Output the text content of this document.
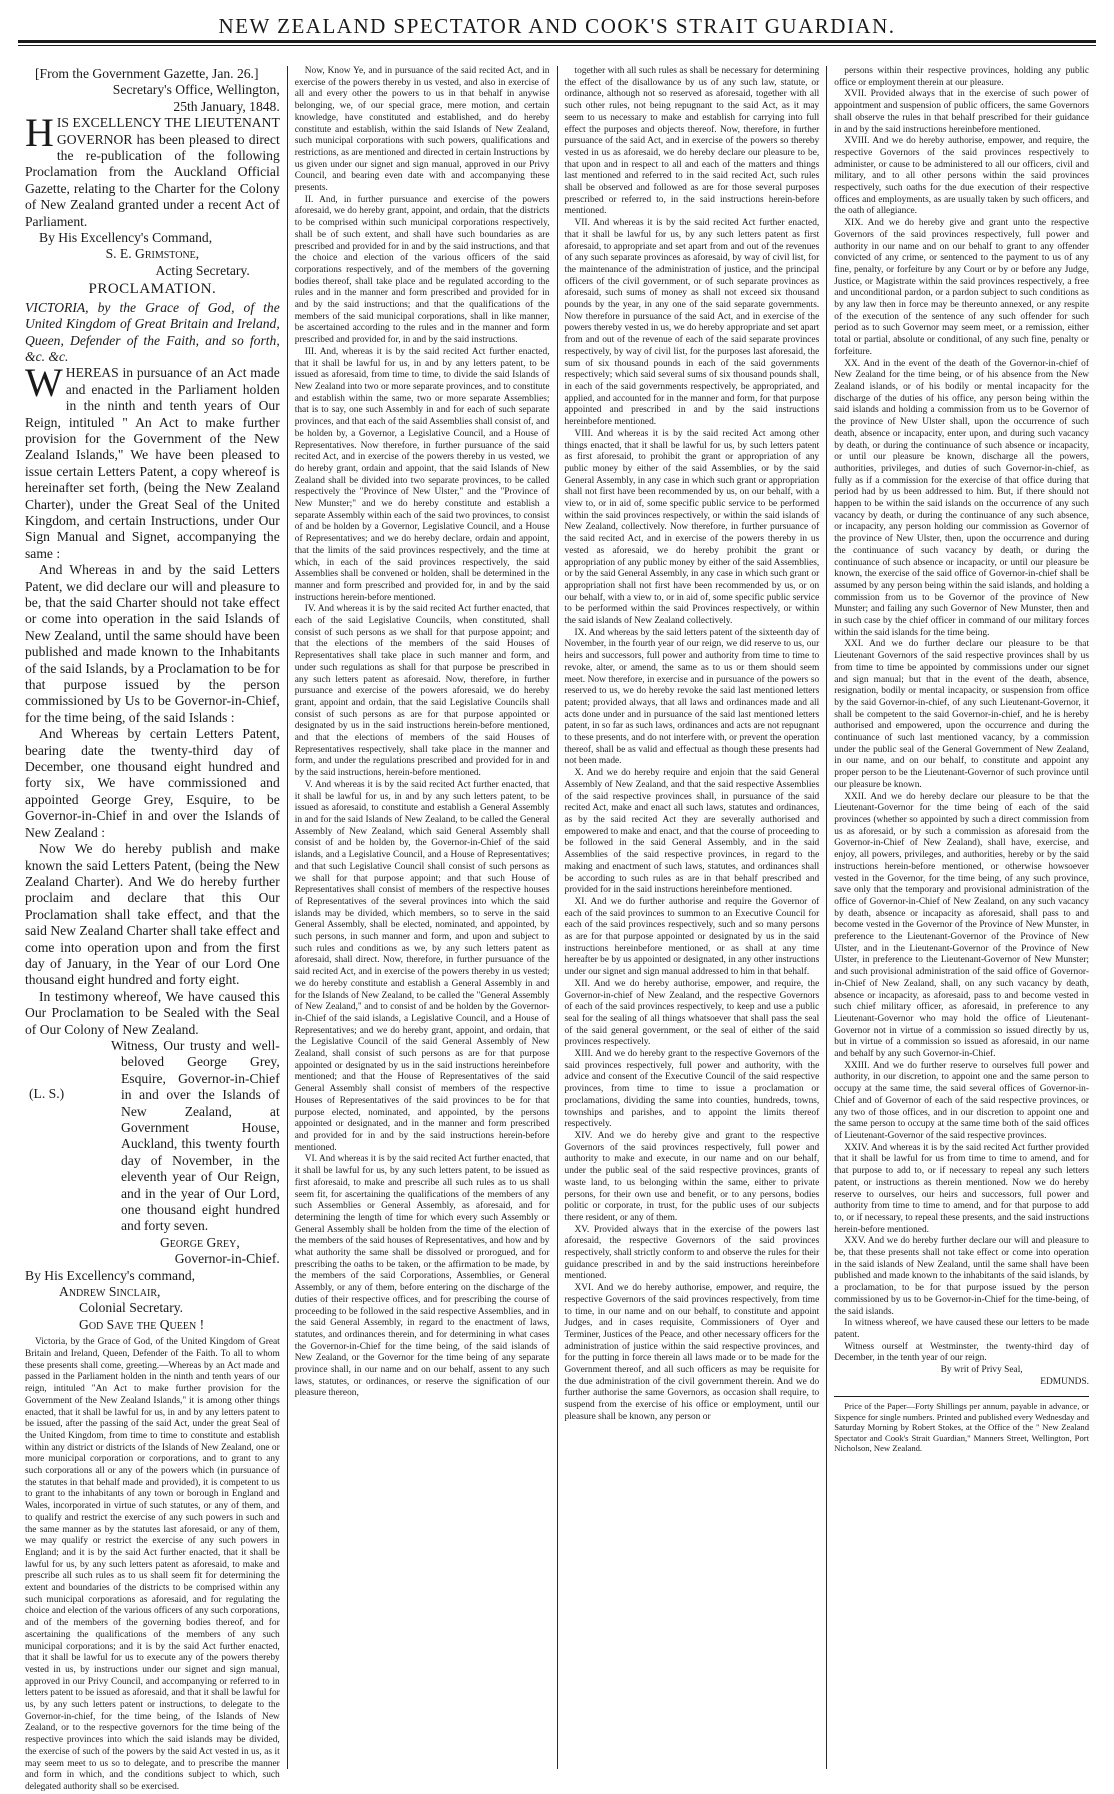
NEW ZEALAND SPECTATOR AND COOK'S STRAIT GUARDIAN.

[From the Government Gazette, Jan. 26.]

Secretary's Office, Wellington,

25th January, 1848.

HIS EXCELLENCY THE LIEUTENANT GOVERNOR has been pleased to direct the re-publication of the following Proclamation from the Auckland Official Gazette, relating to the Charter for the Colony of New Zealand granted under a recent Act of Parliament.

By His Excellency's Command,

S. E. Grimstone,

Acting Secretary.

PROCLAMATION.

VICTORIA, by the Grace of God, of the United Kingdom of Great Britain and Ireland, Queen, Defender of the Faith, and so forth, &c. &c.

WHEREAS in pursuance of an Act made and enacted in the Parliament holden in the ninth and tenth years of Our Reign, intituled " An Act to make further provision for the Government of the New Zealand Islands," We have been pleased to issue certain Letters Patent, a copy whereof is hereinafter set forth, (being the New Zealand Charter), under the Great Seal of the United Kingdom, and certain Instructions, under Our Sign Manual and Signet, accompanying the same :

And Whereas in and by the said Letters Patent, we did declare our will and pleasure to be, that the said Charter should not take effect or come into operation in the said Islands of New Zealand, until the same should have been published and made known to the Inhabitants of the said Islands, by a Proclamation to be for that purpose issued by the person commissioned by Us to be Governor-in-Chief, for the time being, of the said Islands :

And Whereas by certain Letters Patent, bearing date the twenty-third day of December, one thousand eight hundred and forty six, We have commissioned and appointed George Grey, Esquire, to be Governor-in-Chief in and over the Islands of New Zealand :

Now We do hereby publish and make known the said Letters Patent, (being the New Zealand Charter). And We do hereby further proclaim and declare that this Our Proclamation shall take effect, and that the said New Zealand Charter shall take effect and come into operation upon and from the first day of January, in the Year of our Lord One thousand eight hundred and forty eight.

In testimony whereof, We have caused this Our Proclamation to be Sealed with the Seal of Our Colony of New Zealand.

(L. S.)
Witness, Our trusty and well-beloved George Grey, Esquire, Governor-in-Chief in and over the Islands of New Zealand, at Government House, Auckland, this twenty fourth day of November, in the eleventh year of Our Reign, and in the year of Our Lord, one thousand eight hundred and forty seven.

George Grey,

Governor-in-Chief.

By His Excellency's command,

Andrew Sinclair,

Colonial Secretary.

God Save the Queen !

Victoria, by the Grace of God, of the United Kingdom of Great Britain and Ireland, Queen, Defender of the Faith. To all to whom these presents shall come, greeting.—Whereas by an Act made and passed in the Parliament holden in the ninth and tenth years of our reign, intituled "An Act to make further provision for the Government of the New Zealand Islands," it is among other things enacted, that it shall be lawful for us, in and by any letters patent to be issued, after the passing of the said Act, under the great Seal of the United Kingdom, from time to time to constitute and establish within any district or districts of the Islands of New Zealand, one or more municipal corporation or corporations, and to grant to any such corporations all or any of the powers which (in pursuance of the statutes in that behalf made and provided), it is competent to us to grant to the inhabitants of any town or borough in England and Wales, incorporated in virtue of such statutes, or any of them, and to qualify and restrict the exercise of any such powers in such and the same manner as by the statutes last aforesaid, or any of them, we may qualify or restrict the exercise of any such powers in England; and it is by the said Act further enacted, that it shall be lawful for us, by any such letters patent as aforesaid, to make and prescribe all such rules as to us shall seem fit for determining the extent and boundaries of the districts to be comprised within any such municipal corporations as aforesaid, and for regulating the choice and election of the various officers of any such corporations, and of the members of the governing bodies thereof, and for ascertaining the qualifications of the members of any such municipal corporations; and it is by the said Act further enacted, that it shall be lawful for us to execute any of the powers thereby vested in us, by instructions under our signet and sign manual, approved in our Privy Council, and accompanying or referred to in letters patent to be issued as aforesaid, and that it shall be lawful for us, by any such letters patent or instructions, to delegate to the Governor-in-chief, for the time being, of the Islands of New Zealand, or to the respective governors for the time being of the respective provinces into which the said islands may be divided, the exercise of such of the powers by the said Act vested in us, as it may seem meet to us so to delegate, and to prescribe the manner and form in which, and the conditions subject to which, such delegated authority shall so be exercised.

Now, Know Ye, and in pursuance of the said recited Act, and in exercise of the powers thereby in us vested, and also in exercise of all and every other the powers to us in that behalf in anywise belonging, we, of our special grace, mere motion, and certain knowledge, have constituted and established, and do hereby constitute and establish, within the said Islands of New Zealand, such municipal corporations with such powers, qualifications and restrictions, as are mentioned and directed in certain Instructions by us given under our signet and sign manual, approved in our Privy Council, and bearing even date with and accompanying these presents.

II. And, in further pursuance and exercise of the powers aforesaid, we do hereby grant, appoint, and ordain, that the districts to be comprised within such municipal corporations respectively, shall be of such extent, and shall have such boundaries as are prescribed and provided for in and by the said instructions, and that the choice and election of the various officers of the said corporations respectively, and of the members of the governing bodies thereof, shall take place and be regulated according to the rules and in the manner and form prescribed and provided for in and by the said instructions; and that the qualifications of the members of the said municipal corporations, shall in like manner, be ascertained according to the rules and in the manner and form prescribed and provided for, in and by the said instructions.

III. And, whereas it is by the said recited Act further enacted, that it shall be lawful for us, in and by any letters patent, to be issued as aforesaid, from time to time, to divide the said Islands of New Zealand into two or more separate provinces, and to constitute and establish within the same, two or more separate Assemblies; that is to say, one such Assembly in and for each of such separate provinces, and that each of the said Assemblies shall consist of, and be holden by, a Governor, a Legislative Council, and a House of Representatives. Now therefore, in further pursuance of the said recited Act, and in exercise of the powers thereby in us vested, we do hereby grant, ordain and appoint, that the said Islands of New Zealand shall be divided into two separate provinces, to be called respectively the "Province of New Ulster," and the "Province of New Munster;" and we do hereby constitute and establish a separate Assembly within each of the said two provinces, to consist of and be holden by a Governor, Legislative Council, and a House of Representatives; and we do hereby declare, ordain and appoint, that the limits of the said provinces respectively, and the time at which, in each of the said provinces respectively, the said Assemblies shall be convened or holden, shall be determined in the manner and form prescribed and provided for, in and by the said instructions herein-before mentioned.

IV. And whereas it is by the said recited Act further enacted, that each of the said Legislative Councils, when constituted, shall consist of such persons as we shall for that purpose appoint; and that the elections of the members of the said Houses of Representatives shall take place in such manner and form, and under such regulations as shall for that purpose be prescribed in any such letters patent as aforesaid. Now, therefore, in further pursuance and exercise of the powers aforesaid, we do hereby grant, appoint and ordain, that the said Legislative Councils shall consist of such persons as are for that purpose appointed or designated by us in the said instructions herein-before mentioned, and that the elections of members of the said Houses of Representatives respectively, shall take place in the manner and form, and under the regulations prescribed and provided for in and by the said instructions, herein-before mentioned.

V. And whereas it is by the said recited Act further enacted, that it shall be lawful for us, in and by any such letters patent, to be issued as aforesaid, to constitute and establish a General Assembly in and for the said Islands of New Zealand, to be called the General Assembly of New Zealand, which said General Assembly shall consist of and be holden by, the Governor-in-Chief of the said islands, and a Legislative Council, and a House of Representatives; and that such Legislative Council shall consist of such persons as we shall for that purpose appoint; and that such House of Representatives shall consist of members of the respective houses of Representatives of the several provinces into which the said islands may be divided, which members, so to serve in the said General Assembly, shall be elected, nominated, and appointed, by such persons, in such manner and form, and upon and subject to such rules and conditions as we, by any such letters patent as aforesaid, shall direct. Now, therefore, in further pursuance of the said recited Act, and in exercise of the powers thereby in us vested; we do hereby constitute and establish a General Assembly in and for the Islands of New Zealand, to be called the "General Assembly of New Zealand," and to consist of and be holden by the Governor-in-Chief of the said islands, a Legislative Council, and a House of Representatives; and we do hereby grant, appoint, and ordain, that the Legislative Council of the said General Assembly of New Zealand, shall consist of such persons as are for that purpose appointed or designated by us in the said instructions hereinbefore mentioned; and that the House of Representatives of the said General Assembly shall consist of members of the respective Houses of Representatives of the said provinces to be for that purpose elected, nominated, and appointed, by the persons appointed or designated, and in the manner and form prescribed and provided for in and by the said instructions herein-before mentioned.

VI. And whereas it is by the said recited Act further enacted, that it shall be lawful for us, by any such letters patent, to be issued as first aforesaid, to make and prescribe all such rules as to us shall seem fit, for ascertaining the qualifications of the members of any such Assemblies or General Assembly, as aforesaid, and for determining the length of time for which every such Assembly or General Assembly shall be holden from the time of the election of the members of the said houses of Representatives, and how and by what authority the same shall be dissolved or prorogued, and for prescribing the oaths to be taken, or the affirmation to be made, by the members of the said Corporations, Assemblies, or General Assembly, or any of them, before entering on the discharge of the duties of their respective offices, and for prescribing the course of proceeding to be followed in the said respective Assemblies, and in the said General Assembly, in regard to the enactment of laws, statutes, and ordinances therein, and for determining in what cases the Governor-in-Chief for the time being, of the said islands of New Zealand, or the Governor for the time being of any separate province shall, in our name and on our behalf, assent to any such laws, statutes, or ordinances, or reserve the signification of our pleasure thereon,

together with all such rules as shall be necessary for determining the effect of the disallowance by us of any such law, statute, or ordinance, although not so reserved as aforesaid, together with all such other rules, not being repugnant to the said Act, as it may seem to us necessary to make and establish for carrying into full effect the purposes and objects thereof. Now, therefore, in further pursuance of the said Act, and in exercise of the powers so thereby vested in us as aforesaid, we do hereby declare our pleasure to be, that upon and in respect to all and each of the matters and things last mentioned and referred to in the said recited Act, such rules shall be observed and followed as are for those several purposes prescribed or referred to, in the said instructions herein-before mentioned.

VII. And whereas it is by the said recited Act further enacted, that it shall be lawful for us, by any such letters patent as first aforesaid, to appropriate and set apart from and out of the revenues of any such separate provinces as aforesaid, by way of civil list, for the maintenance of the administration of justice, and the principal officers of the civil government, or of such separate provinces as aforesaid, such sums of money as shall not exceed six thousand pounds by the year, in any one of the said separate governments. Now therefore in pursuance of the said Act, and in exercise of the powers thereby vested in us, we do hereby appropriate and set apart from and out of the revenue of each of the said separate provinces respectively, by way of civil list, for the purposes last aforesaid, the sum of six thousand pounds in each of the said governments respectively; which said several sums of six thousand pounds shall, in each of the said governments respectively, be appropriated, and applied, and accounted for in the manner and form, for that purpose appointed and prescribed in and by the said instructions hereinbefore mentioned.

VIII. And whereas it is by the said recited Act among other things enacted, that it shall be lawful for us, by such letters patent as first aforesaid, to prohibit the grant or appropriation of any public money by either of the said Assemblies, or by the said General Assembly, in any case in which such grant or appropriation shall not first have been recommended by us, on our behalf, with a view to, or in aid of, some specific public service to be performed within the said provinces respectively, or within the said islands of New Zealand, collectively. Now therefore, in further pursuance of the said recited Act, and in exercise of the powers thereby in us vested as aforesaid, we do hereby prohibit the grant or appropriation of any public money by either of the said Assemblies, or by the said General Assembly, in any case in which such grant or appropriation shall not first have been recommended by us, or on our behalf, with a view to, or in aid of, some specific public service to be performed within the said Provinces respectively, or within the said islands of New Zealand collectively.

IX. And whereas by the said letters patent of the sixteenth day of November, in the fourth year of our reign, we did reserve to us, our heirs and successors, full power and authority from time to time to revoke, alter, or amend, the same as to us or them should seem meet. Now therefore, in exercise and in pursuance of the powers so reserved to us, we do hereby revoke the said last mentioned letters patent; provided always, that all laws and ordinances made and all acts done under and in pursuance of the said last mentioned letters patent, in so far as such laws, ordinances and acts are not repugnant to these presents, and do not interfere with, or prevent the operation thereof, shall be as valid and effectual as though these presents had not been made.

X. And we do hereby require and enjoin that the said General Assembly of New Zealand, and that the said respective Assemblies of the said respective provinces shall, in pursuance of the said recited Act, make and enact all such laws, statutes and ordinances, as by the said recited Act they are severally authorised and empowered to make and enact, and that the course of proceeding to be followed in the said General Assembly, and in the said Assemblies of the said respective provinces, in regard to the making and enactment of such laws, statutes, and ordinances shall be according to such rules as are in that behalf prescribed and provided for in the said instructions hereinbefore mentioned.

XI. And we do further authorise and require the Governor of each of the said provinces to summon to an Executive Council for each of the said provinces respectively, such and so many persons as are for that purpose appointed or designated by us in the said instructions hereinbefore mentioned, or as shall at any time hereafter be by us appointed or designated, in any other instructions under our signet and sign manual addressed to him in that behalf.

XII. And we do hereby authorise, empower, and require, the Governor-in-chief of New Zealand, and the respective Governors of each of the said provinces respectively, to keep and use a public seal for the sealing of all things whatsoever that shall pass the seal of the said general government, or the seal of either of the said provinces respectively.

XIII. And we do hereby grant to the respective Governors of the said provinces respectively, full power and authority, with the advice and consent of the Executive Council of the said respective provinces, from time to time to issue a proclamation or proclamations, dividing the same into counties, hundreds, towns, townships and parishes, and to appoint the limits thereof respectively.

XIV. And we do hereby give and grant to the respective Governors of the said provinces respectively, full power and authority to make and execute, in our name and on our behalf, under the public seal of the said respective provinces, grants of waste land, to us belonging within the same, either to private persons, for their own use and benefit, or to any persons, bodies politic or corporate, in trust, for the public uses of our subjects there resident, or any of them.

XV. Provided always that in the exercise of the powers last aforesaid, the respective Governors of the said provinces respectively, shall strictly conform to and observe the rules for their guidance prescribed in and by the said instructions hereinbefore mentioned.

XVI. And we do hereby authorise, empower, and require, the respective Governors of the said provinces respectively, from time to time, in our name and on our behalf, to constitute and appoint Judges, and in cases requisite, Commissioners of Oyer and Terminer, Justices of the Peace, and other necessary officers for the administration of justice within the said respective provinces, and for the putting in force therein all laws made or to be made for the Government thereof, and all such officers as may be requisite for the due administration of the civil government therein. And we do further authorise the same Governors, as occasion shall require, to suspend from the exercise of his office or employment, until our pleasure shall be known, any person or

persons within their respective provinces, holding any public office or employment therein at our pleasure.

XVII. Provided always that in the exercise of such power of appointment and suspension of public officers, the same Governors shall observe the rules in that behalf prescribed for their guidance in and by the said instructions hereinbefore mentioned.

XVIII. And we do hereby authorise, empower, and require, the respective Governors of the said provinces respectively to administer, or cause to be administered to all our officers, civil and military, and to all other persons within the said provinces respectively, such oaths for the due execution of their respective offices and employments, as are usually taken by such officers, and the oath of allegiance.

XIX. And we do hereby give and grant unto the respective Governors of the said provinces respectively, full power and authority in our name and on our behalf to grant to any offender convicted of any crime, or sentenced to the payment to us of any fine, penalty, or forfeiture by any Court or by or before any Judge, Justice, or Magistrate within the said provinces respectively, a free and unconditional pardon, or a pardon subject to such conditions as by any law then in force may be thereunto annexed, or any respite of the execution of the sentence of any such offender for such period as to such Governor may seem meet, or a remission, either total or partial, absolute or conditional, of any such fine, penalty or forfeiture.

XX. And in the event of the death of the Governor-in-chief of New Zealand for the time being, or of his absence from the New Zealand islands, or of his bodily or mental incapacity for the discharge of the duties of his office, any person being within the said islands and holding a commission from us to be Governor of the province of New Ulster shall, upon the occurrence of such death, absence or incapacity, enter upon, and during such vacancy by death, or during the continuance of such absence or incapacity, or until our pleasure be known, discharge all the powers, authorities, privileges, and duties of such Governor-in-chief, as fully as if a commission for the exercise of that office during that period had by us been addressed to him. But, if there should not happen to be within the said islands on the occurrence of any such vacancy by death, or during the continuance of any such absence, or incapacity, any person holding our commission as Governor of the province of New Ulster, then, upon the occurrence and during the continuance of such vacancy by death, or during the continuance of such absence or incapacity, or until our pleasure be known, the exercise of the said office of Governor-in-chief shall be assumed by any person being within the said islands, and holding a commission from us to be Governor of the province of New Munster; and failing any such Governor of New Munster, then and in such case by the chief officer in command of our military forces within the said islands for the time being.

XXI. And we do further declare our pleasure to be that Lieutenant Governors of the said respective provinces shall by us from time to time be appointed by commissions under our signet and sign manual; but that in the event of the death, absence, resignation, bodily or mental incapacity, or suspension from office by the said Governor-in-chief, of any such Lieutenant-Governor, it shall be competent to the said Governor-in-chief, and he is hereby authorised and empowered, upon the occurrence and during the continuance of such last mentioned vacancy, by a commission under the public seal of the General Government of New Zealand, in our name, and on our behalf, to constitute and appoint any proper person to be the Lieutenant-Governor of such province until our pleasure be known.

XXII. And we do hereby declare our pleasure to be that the Lieutenant-Governor for the time being of each of the said provinces (whether so appointed by such a direct commission from us as aforesaid, or by such a commission as aforesaid from the Governor-in-Chief of New Zealand), shall have, exercise, and enjoy, all powers, privileges, and authorities, hereby or by the said instructions herein-before mentioned, or otherwise howsoever vested in the Governor, for the time being, of any such province, save only that the temporary and provisional administration of the office of Governor-in-Chief of New Zealand, on any such vacancy by death, absence or incapacity as aforesaid, shall pass to and become vested in the Governor of the Province of New Munster, in preference to the Lieutenant-Governor of the Province of New Ulster, and in the Lieutenant-Governor of the Province of New Ulster, in preference to the Lieutenant-Governor of New Munster; and such provisional administration of the said office of Governor-in-Chief of New Zealand, shall, on any such vacancy by death, absence or incapacity, as aforesaid, pass to and become vested in such chief military officer, as aforesaid, in preference to any Lieutenant-Governor who may hold the office of Lieutenant-Governor not in virtue of a commission so issued directly by us, but in virtue of a commission so issued as aforesaid, in our name and behalf by any such Governor-in-Chief.

XXIII. And we do further reserve to ourselves full power and authority, in our discretion, to appoint one and the same person to occupy at the same time, the said several offices of Governor-in-Chief and of Governor of each of the said respective provinces, or any two of those offices, and in our discretion to appoint one and the same person to occupy at the same time both of the said offices of Lieutenant-Governor of the said respective provinces.

XXIV. And whereas it is by the said recited Act further provided that it shall be lawful for us from time to time to amend, and for that purpose to add to, or if necessary to repeal any such letters patent, or instructions as therein mentioned. Now we do hereby reserve to ourselves, our heirs and successors, full power and authority from time to time to amend, and for that purpose to add to, or if necessary, to repeal these presents, and the said instructions herein-before mentioned.

XXV. And we do hereby further declare our will and pleasure to be, that these presents shall not take effect or come into operation in the said islands of New Zealand, until the same shall have been published and made known to the inhabitants of the said islands, by a proclamation, to be for that purpose issued by the person commissioned by us to be Governor-in-Chief for the time-being, of the said islands.

In witness whereof, we have caused these our letters to be made patent.

Witness ourself at Westminster, the twenty-third day of December, in the tenth year of our reign.

By writ of Privy Seal,

EDMUNDS.

Price of the Paper—Forty Shillings per annum, payable in advance, or Sixpence for single numbers. Printed and published every Wednesday and Saturday Morning by Robert Stokes, at the Office of the " New Zealand Spectator and Cook's Strait Guardian," Manners Street, Wellington, Port Nicholson, New Zealand.
